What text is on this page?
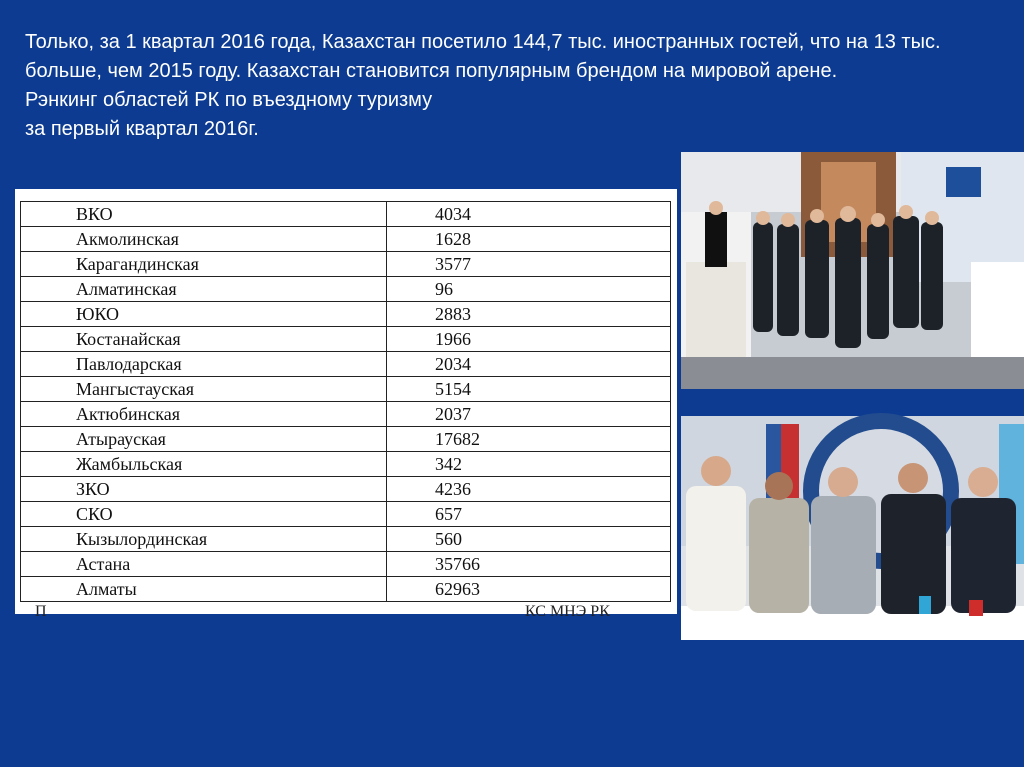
Только, за 1 квартал 2016 года, Казахстан посетило 144,7 тыс. иностранных гостей, что на 13 тыс. больше, чем 2015 году. Казахстан становится популярным брендом на мировой арене.

Рэнкинг областей РК по въездному туризму

за первый квартал 2016г.

ВКО	4034
Акмолинская	1628
Карагандинская	3577
Алматинская	96
ЮКО	2883
Костанайская	1966
Павлодарская	2034
Мангыстауская	5154
Актюбинская	2037
Атырауская	17682
Жамбыльская	342
ЗКО	4236
СКО	657
Кызылординская	560
Астана	35766
Алматы	62963
П	КС МНЭ РК
